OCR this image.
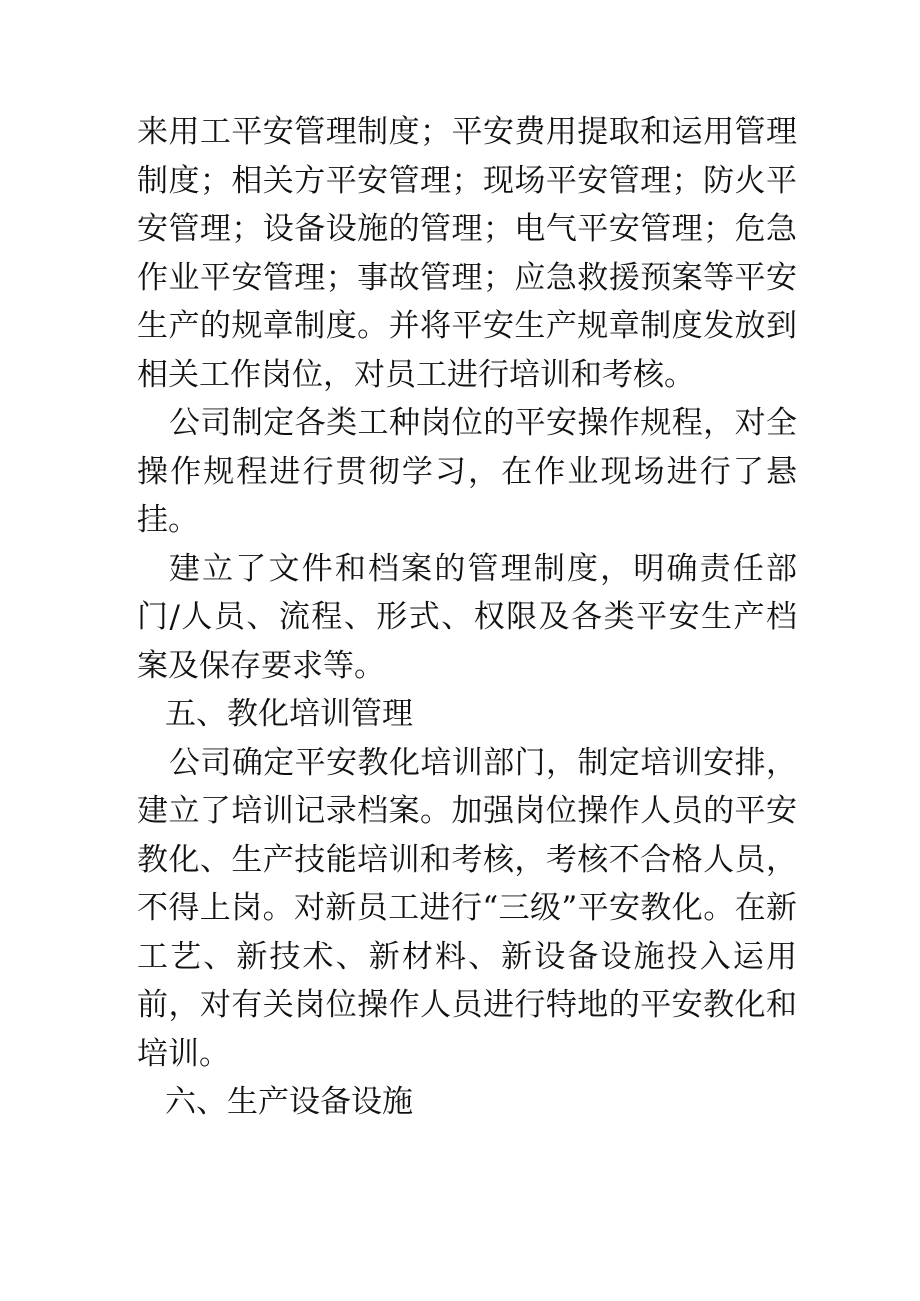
来用工平安管理制度；平安费用提取和运用管理制度；相关方平安管理；现场平安管理；防火平安管理；设备设施的管理；电气平安管理；危急作业平安管理；事故管理；应急救援预案等平安生产的规章制度。并将平安生产规章制度发放到相关工作岗位，对员工进行培训和考核。

公司制定各类工种岗位的平安操作规程，对全操作规程进行贯彻学习，在作业现场进行了悬挂。

建立了文件和档案的管理制度，明确责任部门/人员、流程、形式、权限及各类平安生产档案及保存要求等。

五、教化培训管理

公司确定平安教化培训部门，制定培训安排，建立了培训记录档案。加强岗位操作人员的平安教化、生产技能培训和考核，考核不合格人员，不得上岗。对新员工进行“三级”平安教化。在新工艺、新技术、新材料、新设备设施投入运用前，对有关岗位操作人员进行特地的平安教化和培训。

六、生产设备设施
